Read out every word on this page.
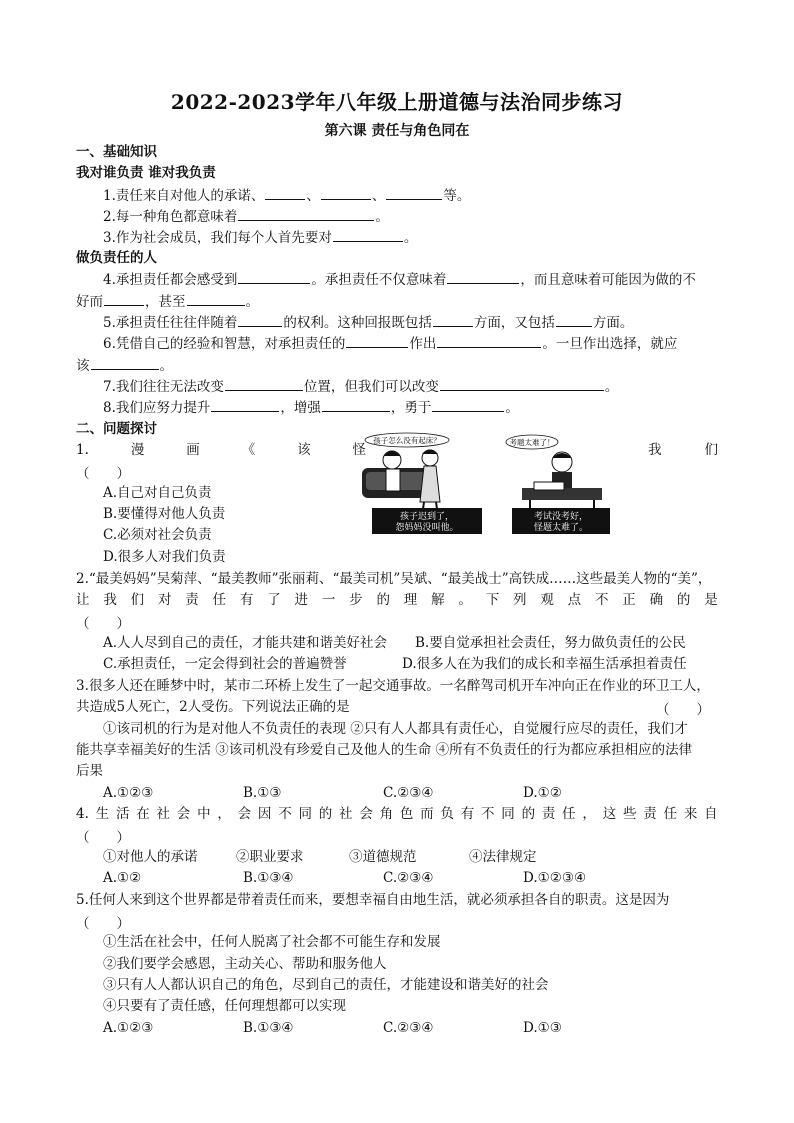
2022-2023学年八年级上册道德与法治同步练习
第六课 责任与角色同在
一、基础知识
我对谁负责 谁对我负责
1.责任来自对他人的承诺、	、	、	等。
2.每一种角色都意味着	。
3.作为社会成员，我们每个人首先要对	。
做负责任的人
4.承担责任都会感受到	。承担责任不仅意味着	，而且意味着可能因为做的不
好而	，甚至	。
5.承担责任往往伴随着	的权利。这种回报既包括	方面，又包括	方面。
6.凭借自己的经验和智慧，对承担责任的	作出	。一旦作出选择，就应
该	。
7.我们往往无法改变	位置，但我们可以改变	。
8.我们应努力提升	，增强	，勇于	。
二、问题探讨
1.	漫	画	《	该	怪	我	们
（　　）
A.自己对自己负责
B.要懂得对他人负责
C.必须对社会负责
D.很多人对我们负责
孩子怎么没有起床？
孩子迟到了，
怨妈妈没叫他。
考题太难了！
考试没考好，
怪题太难了。
2.“最美妈妈”吴菊萍、“最美教师”张丽莉、“最美司机”吴斌、“最美战士”高铁成……这些最美人物的“美”，
让 我 们 对 责 任 有 了 进 一 步 的 理 解 。 下 列 观 点 不 正 确 的 是
（　　）
A.人人尽到自己的责任，才能共建和谐美好社会 B.要自觉承担社会责任，努力做负责任的公民
C.承担责任，一定会得到社会的普遍赞誉	D.很多人在为我们的成长和幸福生活承担着责任
3.很多人还在睡梦中时，某市二环桥上发生了一起交通事故。一名醉驾司机开车冲向正在作业的环卫工人，
共造成5人死亡，2人受伤。下列说法正确的是	（　　）
①该司机的行为是对他人不负责任的表现 ②只有人人都具有责任心，自觉履行应尽的责任，我们才
能共享幸福美好的生活 ③该司机没有珍爱自己及他人的生命 ④所有不负责任的行为都应承担相应的法律
后果
A.①②③	B.①③	C.②③④	D.①②
4. 生 活 在 社 会 中 ， 会 因 不 同 的 社 会 角 色 而 负 有 不 同 的 责 任 ， 这 些 责 任 来 自
（　　）
①对他人的承诺	②职业要求	③道德规范	④法律规定
A.①②	B.①③④	C.②③④	D.①②③④
5.任何人来到这个世界都是带着责任而来，要想幸福自由地生活，就必须承担各自的职责。这是因为
（　　）
①生活在社会中，任何人脱离了社会都不可能生存和发展
②我们要学会感恩，主动关心、帮助和服务他人
③只有人人都认识自己的角色，尽到自己的责任，才能建设和谐美好的社会
④只要有了责任感，任何理想都可以实现
A.①②③	B.①③④	C.②③④	D.①③
